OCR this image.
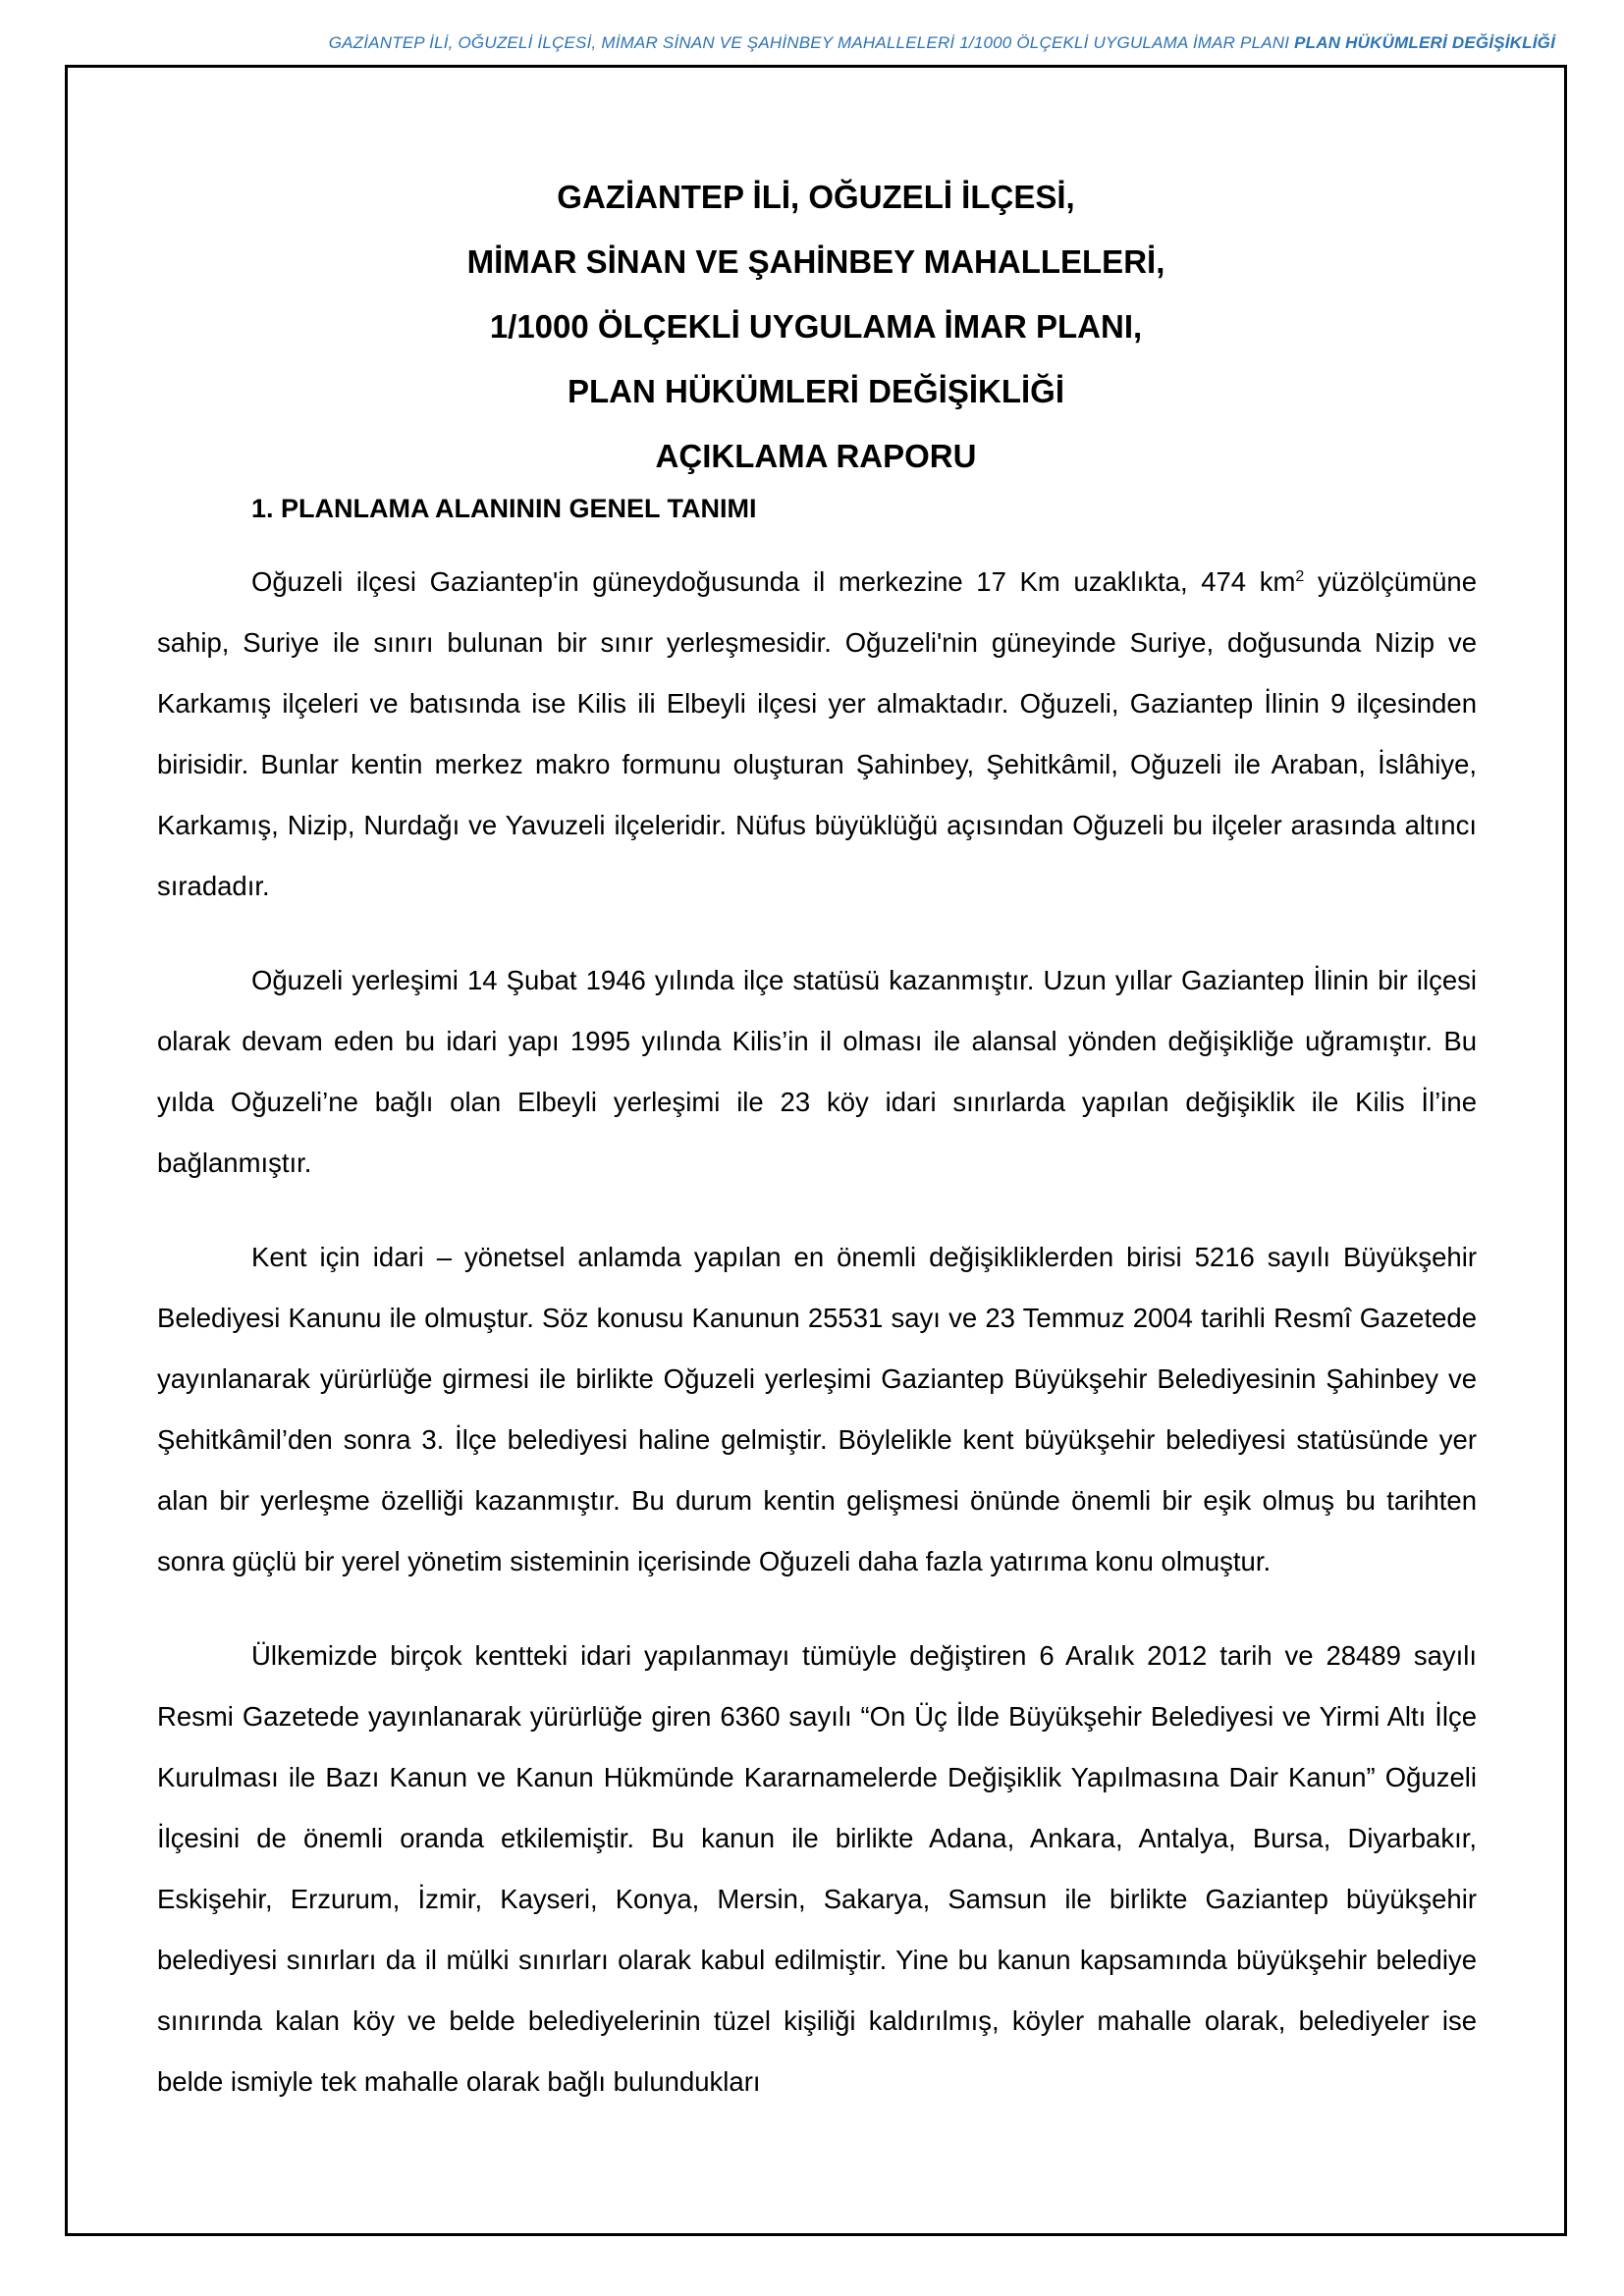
GAZİANTEP İLİ, OĞUZELİ İLÇESİ, MİMAR SİNAN VE ŞAHİNBEY MAHALLELERİ 1/1000 ÖLÇEKLİ UYGULAMA İMAR PLANI PLAN HÜKÜMLERİ DEĞİŞİKLİĞİ

GAZİANTEP İLİ, OĞUZELİ İLÇESİ,

MİMAR SİNAN VE ŞAHİNBEY MAHALLELERİ,

1/1000 ÖLÇEKLİ UYGULAMA İMAR PLANI,

PLAN HÜKÜMLERİ DEĞİŞİKLİĞİ

AÇIKLAMA RAPORU

1. PLANLAMA ALANININ GENEL TANIMI

Oğuzeli ilçesi Gaziantep'in güneydoğusunda il merkezine 17 Km uzaklıkta, 474 $km^2$ yüzölçümüne sahip, Suriye ile sınırı bulunan bir sınır yerleşmesidir. Oğuzeli'nin güneyinde Suriye, doğusunda Nizip ve Karkamış ilçeleri ve batısında ise Kilis ili Elbeyli ilçesi yer almaktadır. Oğuzeli, Gaziantep İlinin 9 ilçesinden birisidir. Bunlar kentin merkez makro formunu oluşturan Şahinbey, Şehitkâmil, Oğuzeli ile Araban, İslâhiye, Karkamış, Nizip, Nurdağı ve Yavuzeli ilçeleridir. Nüfus büyüklüğü açısından Oğuzeli bu ilçeler arasında altıncı sıradadır.

Oğuzeli yerleşimi 14 Şubat 1946 yılında ilçe statüsü kazanmıştır. Uzun yıllar Gaziantep İlinin bir ilçesi olarak devam eden bu idari yapı 1995 yılında Kilis’in il olması ile alansal yönden değişikliğe uğramıştır. Bu yılda Oğuzeli’ne bağlı olan Elbeyli yerleşimi ile 23 köy idari sınırlarda yapılan değişiklik ile Kilis İl’ine bağlanmıştır.

Kent için idari – yönetsel anlamda yapılan en önemli değişikliklerden birisi 5216 sayılı Büyükşehir Belediyesi Kanunu ile olmuştur. Söz konusu Kanunun 25531 sayı ve 23 Temmuz 2004 tarihli Resmî Gazetede yayınlanarak yürürlüğe girmesi ile birlikte Oğuzeli yerleşimi Gaziantep Büyükşehir Belediyesinin Şahinbey ve Şehitkâmil’den sonra 3. İlçe belediyesi haline gelmiştir. Böylelikle kent büyükşehir belediyesi statüsünde yer alan bir yerleşme özelliği kazanmıştır. Bu durum kentin gelişmesi önünde önemli bir eşik olmuş bu tarihten sonra güçlü bir yerel yönetim sisteminin içerisinde Oğuzeli daha fazla yatırıma konu olmuştur.

Ülkemizde birçok kentteki idari yapılanmayı tümüyle değiştiren 6 Aralık 2012 tarih ve 28489 sayılı Resmi Gazetede yayınlanarak yürürlüğe giren 6360 sayılı “On Üç İlde Büyükşehir Belediyesi ve Yirmi Altı İlçe Kurulması ile Bazı Kanun ve Kanun Hükmünde Kararnamelerde Değişiklik Yapılmasına Dair Kanun” Oğuzeli İlçesini de önemli oranda etkilemiştir. Bu kanun ile birlikte Adana, Ankara, Antalya, Bursa, Diyarbakır, Eskişehir, Erzurum, İzmir, Kayseri, Konya, Mersin, Sakarya, Samsun ile birlikte Gaziantep büyükşehir belediyesi sınırları da il mülki sınırları olarak kabul edilmiştir. Yine bu kanun kapsamında büyükşehir belediye sınırında kalan köy ve belde belediyelerinin tüzel kişiliği kaldırılmış, köyler mahalle olarak, belediyeler ise belde ismiyle tek mahalle olarak bağlı bulundukları
